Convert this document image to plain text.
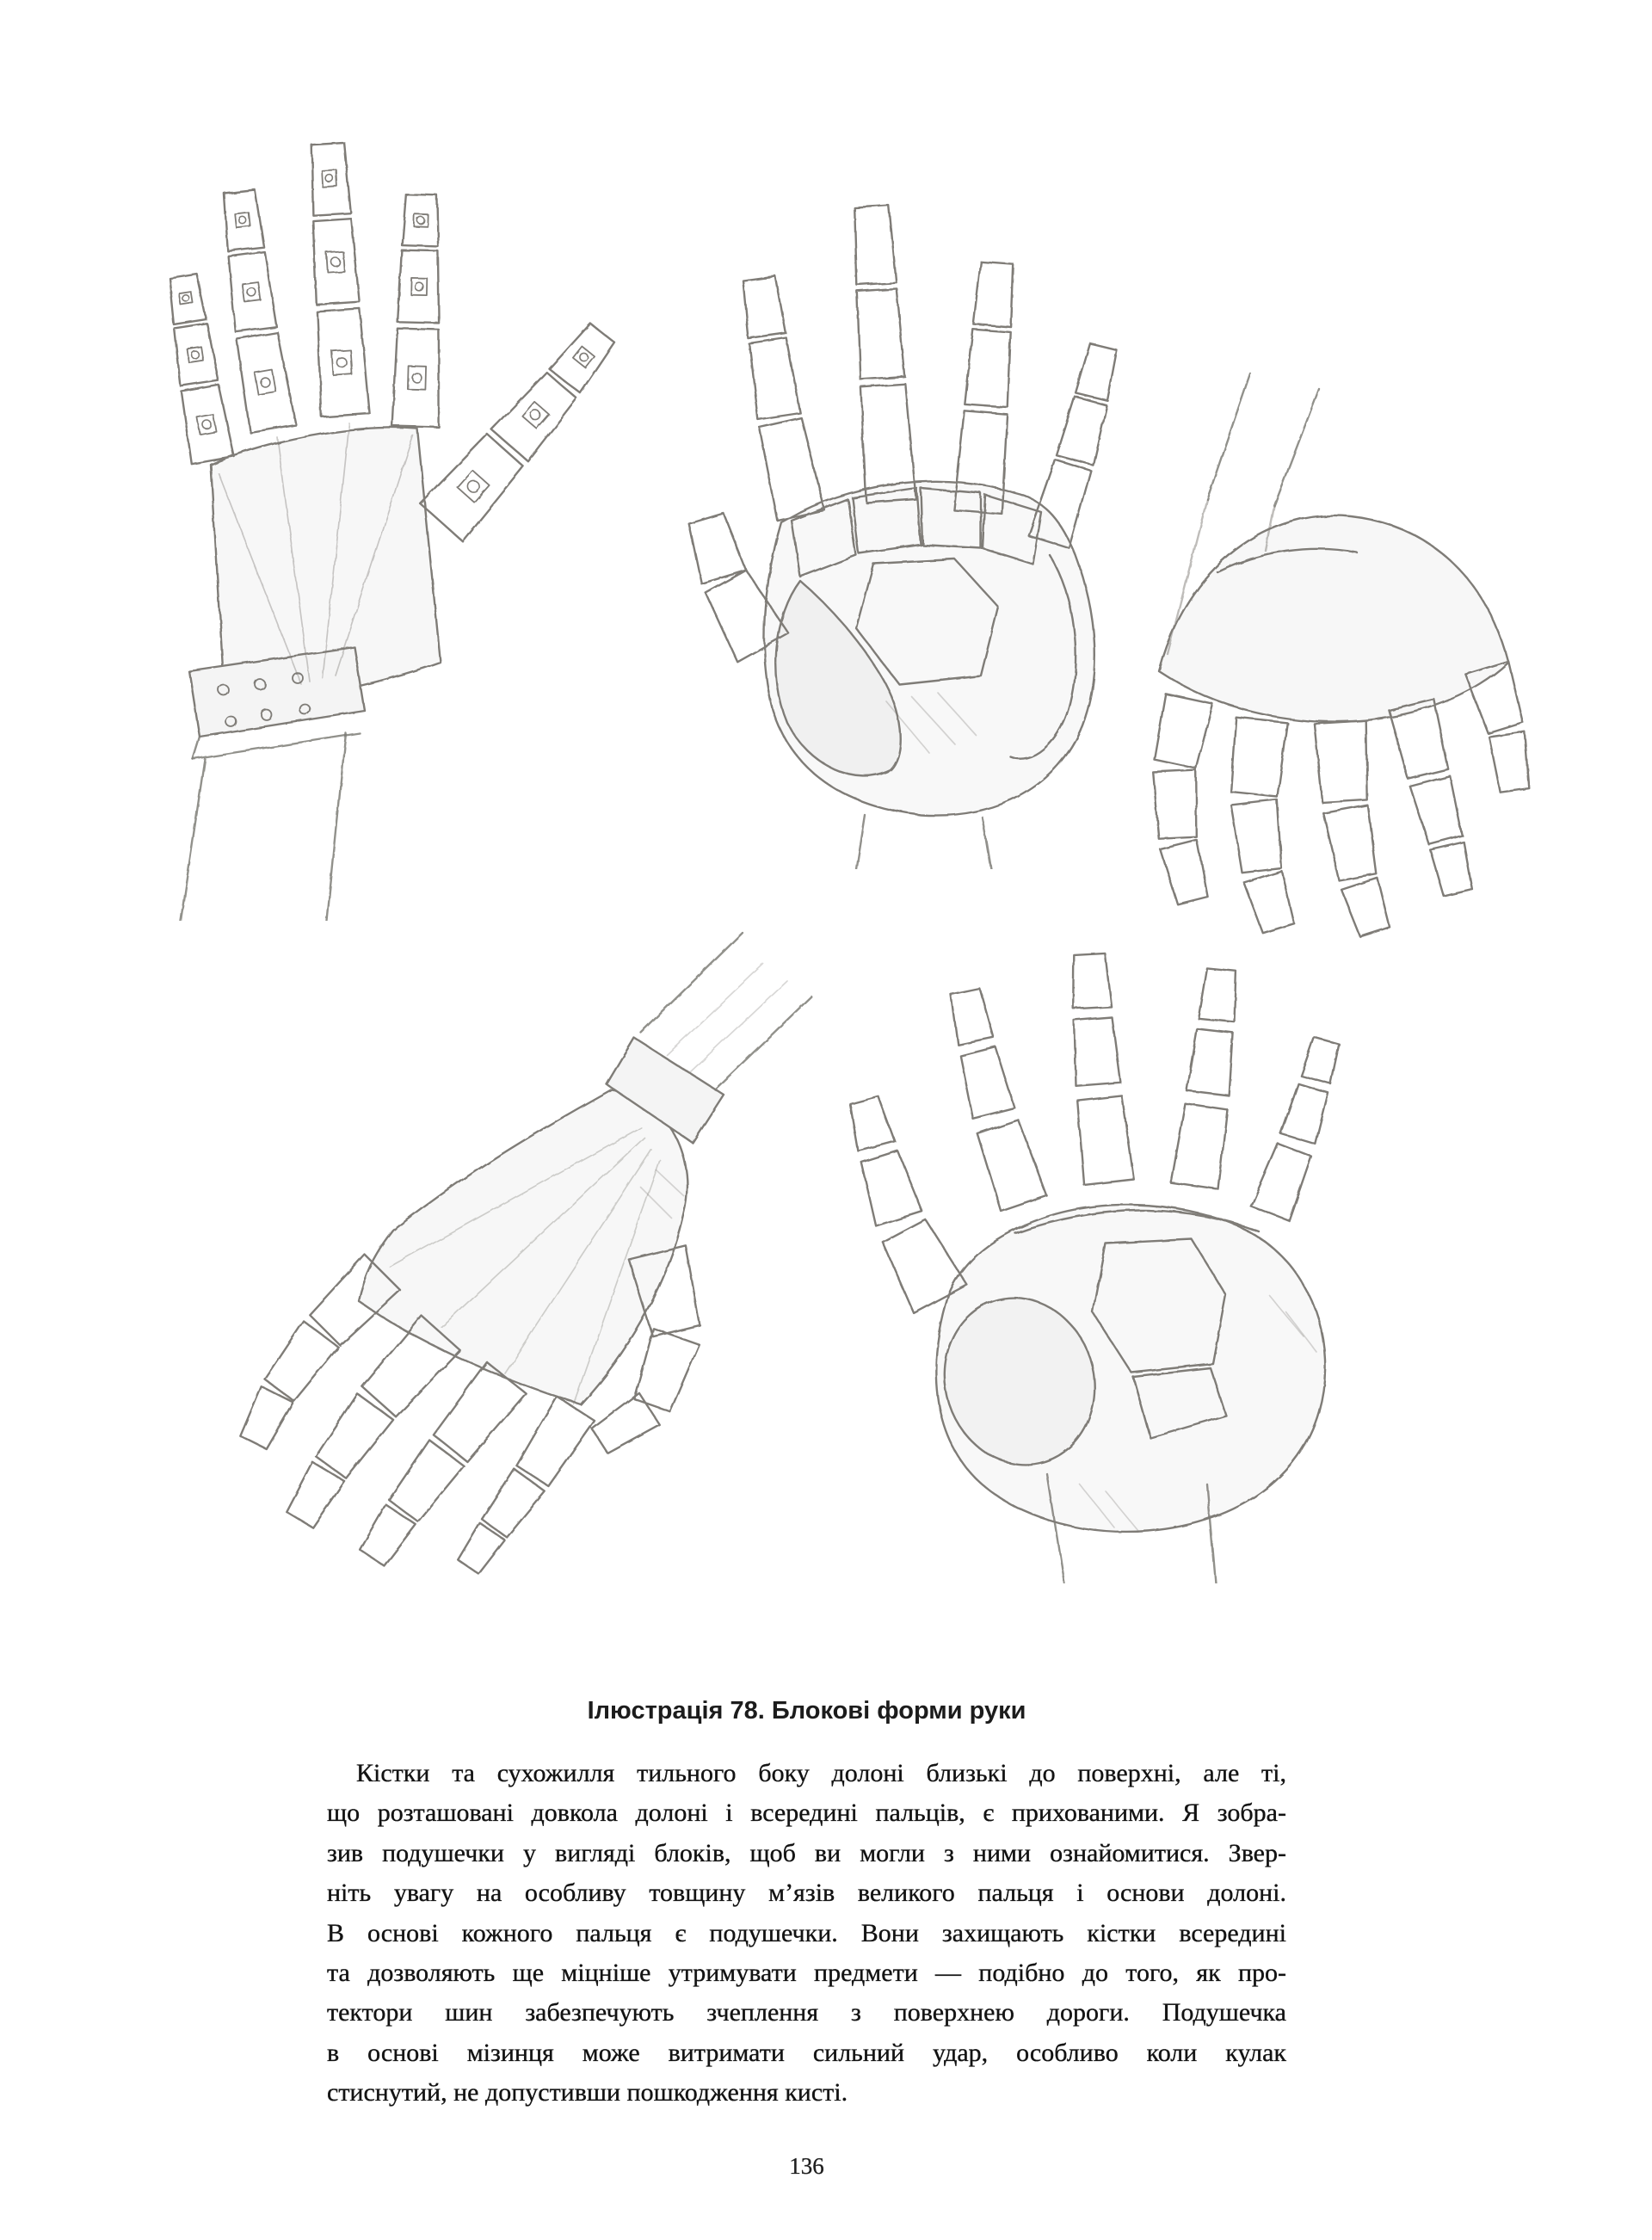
Ілюстрація 78. Блокові форми руки
Кістки та сухожилля тильного боку долоні близькі до поверхні, але ті,
що розташовані довкола долоні і всередині пальців, є прихованими. Я зобра-
зив подушечки у вигляді блоків, щоб ви могли з ними ознайомитися. Звер-
ніть увагу на особливу товщину м’язів великого пальця і основи долоні.
В основі кожного пальця є подушечки. Вони захищають кістки всередині
та дозволяють ще міцніше утримувати предмети — подібно до того, як про-
тектори шин забезпечують зчеплення з поверхнею дороги. Подушечка
в основі мізинця може витримати сильний удар, особливо коли кулак
стиснутий, не допустивши пошкодження кисті.
136
